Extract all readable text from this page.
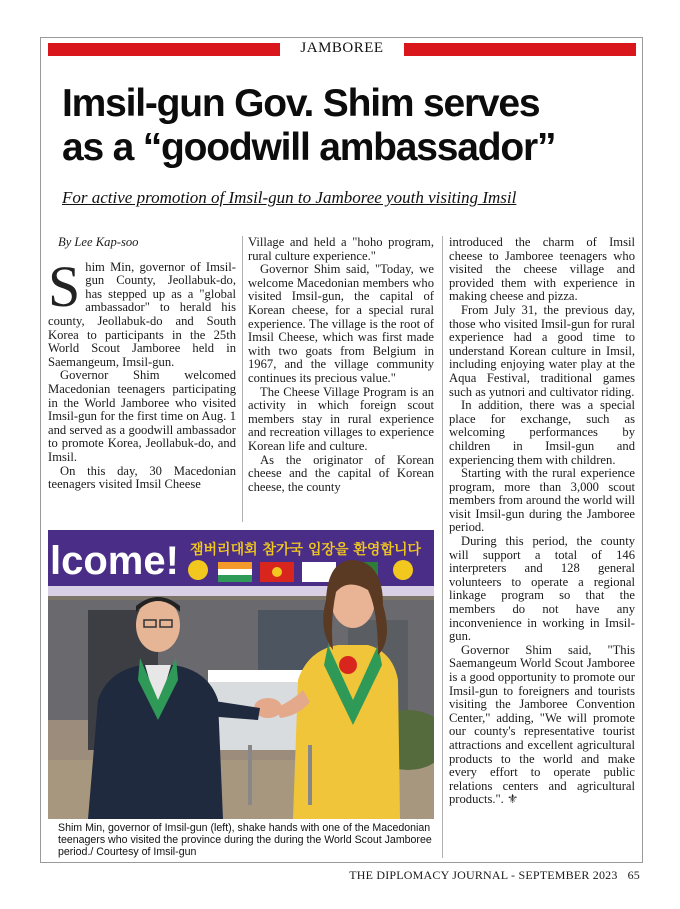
JAMBOREE
Imsil-gun Gov. Shim serves
as a “goodwill ambassador”
For active promotion of Imsil-gun to Jamboree youth visiting Imsil
By Lee Kap-soo

Shim Min, governor of Imsil-gun County, Jeollabuk-do, has stepped up as a "global ambassador" to herald his county, Jeollabuk-do and South Korea to participants in the 25th World Scout Jamboree held in Saemangeum, Imsil-gun.

Governor Shim welcomed Macedonian teenagers participating in the World Jamboree who visited Imsil-gun for the first time on Aug. 1 and served as a goodwill ambassador to promote Korea, Jeollabuk-do, and Imsil.

On this day, 30 Macedonian teenagers visited Imsil Cheese

Village and held a "hoho program, rural culture experience."

Governor Shim said, "Today, we welcome Macedonian members who visited Imsil-gun, the capital of Korean cheese, for a special rural experience. The village is the root of Imsil Cheese, which was first made with two goats from Belgium in 1967, and the village community continues its precious value."

The Cheese Village Program is an activity in which foreign scout members stay in rural experience and recreation villages to experience Korean life and culture.

As the originator of Korean cheese and the capital of Korean cheese, the county

introduced the charm of Imsil cheese to Jamboree teenagers who visited the cheese village and provided them with experience in making cheese and pizza.

From July 31, the previous day, those who visited Imsil-gun for rural experience had a good time to understand Korean culture in Imsil, including enjoying water play at the Aqua Festival, traditional games such as yutnori and cultivator riding.

In addition, there was a special place for exchange, such as welcoming performances by children in Imsil-gun and experiencing them with children.

Starting with the rural experience program, more than 3,000 scout members from around the world will visit Imsil-gun during the Jamboree period.

During this period, the county will support a total of 146 interpreters and 128 general volunteers to operate a regional linkage program so that the members do not have any inconvenience in working in Imsil-gun.

Governor Shim said, "This Saemangeum World Scout Jamboree is a good opportunity to promote our Imsil-gun to foreigners and tourists visiting the Jamboree Convention Center," adding, "We will promote our county's representative tourist attractions and excellent agricultural products to the world and make every effort to operate public relations centers and agricultural products.". ⚜

lcome! 잼버리대회 참가국 입장을 환영합니다
Shim Min, governor of Imsil-gun (left), shake hands with one of the Macedonian teenagers who visited the province during the during the World Scout Jamboree period./ Courtesy of Imsil-gun
THE DIPLOMACY JOURNAL - SEPTEMBER 2023 65
